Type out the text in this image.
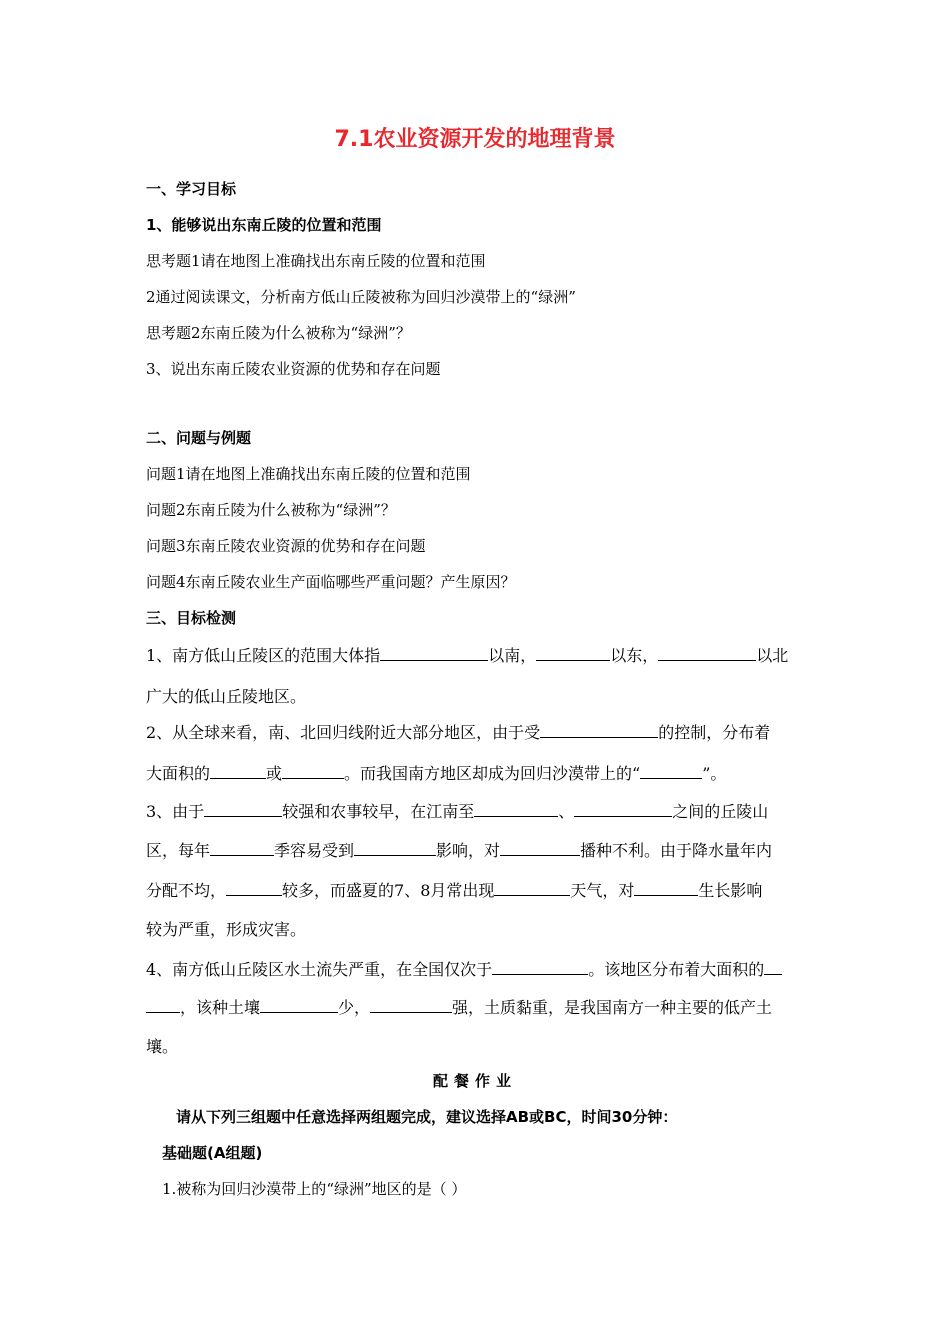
7.1农业资源开发的地理背景
一、学习目标
1、能够说出东南丘陵的位置和范围
思考题1请在地图上准确找出东南丘陵的位置和范围
2通过阅读课文，分析南方低山丘陵被称为回归沙漠带上的“绿洲”
思考题2东南丘陵为什么被称为“绿洲”？
3、说出东南丘陵农业资源的优势和存在问题
二、问题与例题
问题1请在地图上准确找出东南丘陵的位置和范围
问题2东南丘陵为什么被称为“绿洲”？
问题3东南丘陵农业资源的优势和存在问题
问题4东南丘陵农业生产面临哪些严重问题？产生原因？
三、目标检测
1、南方低山丘陵区的范围大体指	以南，	以东，	以北
广大的低山丘陵地区。
2、从全球来看，南、北回归线附近大部分地区，由于受	的控制，分布着
大面积的	或	。而我国南方地区却成为回归沙漠带上的“	”。
3、由于	较强和农事较早，在江南至	、	之间的丘陵山
区，每年	季容易受到	影响，对	播种不利。由于降水量年内
分配不均，	较多，而盛夏的7、8月常出现	天气，对	生长影响
较为严重，形成灾害。
4、南方低山丘陵区水土流失严重，在全国仅次于	。该地区分布着大面积的
，该种土壤	少，	强，土质黏重，是我国南方一种主要的低产土
壤。
配餐作业
请从下列三组题中任意选择两组题完成，建议选择AB或BC，时间30分钟：
基础题(A组题)
1.被称为回归沙漠带上的“绿洲”地区的是（ ）
